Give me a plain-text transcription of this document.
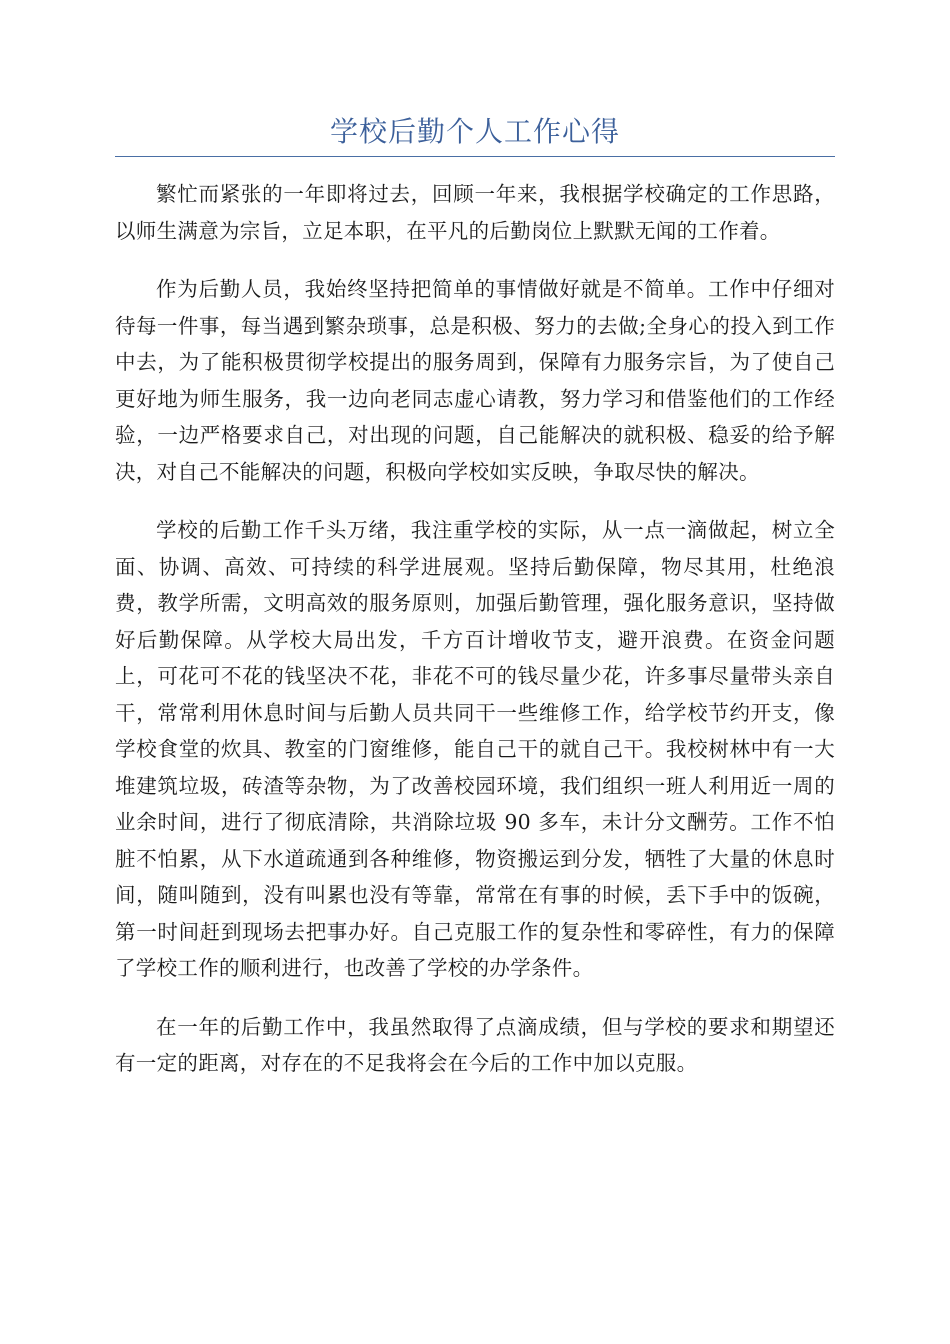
学校后勤个人工作心得

繁忙而紧张的一年即将过去，回顾一年来，我根据学校确定的工作思路，以师生满意为宗旨，立足本职，在平凡的后勤岗位上默默无闻的工作着。

作为后勤人员，我始终坚持把简单的事情做好就是不简单。工作中仔细对待每一件事，每当遇到繁杂琐事，总是积极、努力的去做;全身心的投入到工作中去，为了能积极贯彻学校提出的服务周到，保障有力服务宗旨，为了使自己更好地为师生服务，我一边向老同志虚心请教，努力学习和借鉴他们的工作经验，一边严格要求自己，对出现的问题，自己能解决的就积极、稳妥的给予解决，对自己不能解决的问题，积极向学校如实反映，争取尽快的解决。

学校的后勤工作千头万绪，我注重学校的实际，从一点一滴做起，树立全面、协调、高效、可持续的科学进展观。坚持后勤保障，物尽其用，杜绝浪费，教学所需，文明高效的服务原则，加强后勤管理，强化服务意识，坚持做好后勤保障。从学校大局出发，千方百计增收节支，避开浪费。在资金问题上，可花可不花的钱坚决不花，非花不可的钱尽量少花，许多事尽量带头亲自干，常常利用休息时间与后勤人员共同干一些维修工作，给学校节约开支，像学校食堂的炊具、教室的门窗维修，能自己干的就自己干。我校树林中有一大堆建筑垃圾，砖渣等杂物，为了改善校园环境，我们组织一班人利用近一周的业余时间，进行了彻底清除，共消除垃圾 90 多车，未计分文酬劳。工作不怕脏不怕累，从下水道疏通到各种维修，物资搬运到分发，牺牲了大量的休息时间，随叫随到，没有叫累也没有等靠，常常在有事的时候，丢下手中的饭碗，第一时间赶到现场去把事办好。自己克服工作的复杂性和零碎性，有力的保障了学校工作的顺利进行，也改善了学校的办学条件。

在一年的后勤工作中，我虽然取得了点滴成绩，但与学校的要求和期望还有一定的距离，对存在的不足我将会在今后的工作中加以克服。
